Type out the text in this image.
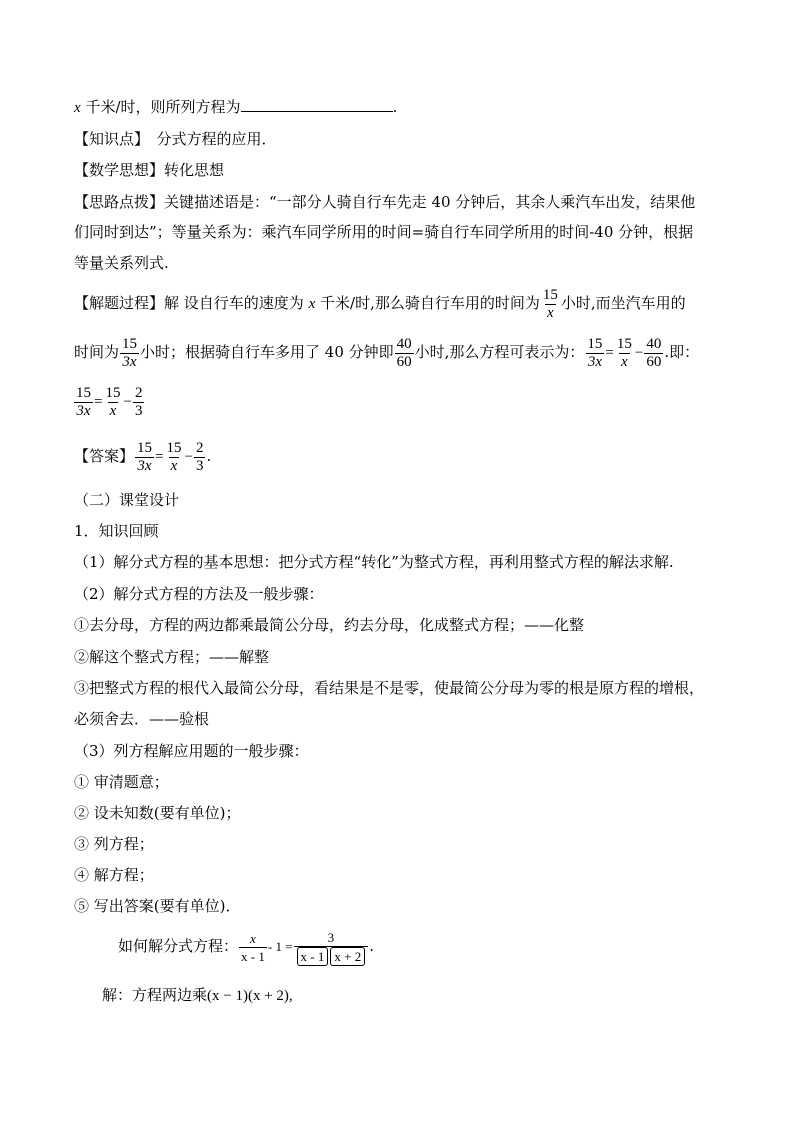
x 千米/时，则所列方程为	.
【知识点】　分式方程的应用．
【数学思想】转化思想
【思路点拨】关键描述语是：“一部分人骑自行车先走 40 分钟后，其余人乘汽车出发，结果他
们同时到达”；等量关系为：乘汽车同学所用的时间=骑自行车同学所用的时间-40 分钟，根据
等量关系列式.
【解题过程】解 设自行车的速度为 x 千米/时,那么骑自行车用的时间为 $\frac{15}{x}$ 小时,而坐汽车用的
时间为 $\frac{15}{3x}$ 小时；根据骑自行车多用了 40 分钟即 $\frac{40}{60}$ 小时,那么方程可表示为： $\frac{15}{3x} = \frac{15}{x} - \frac{40}{60}$ .即：
$\frac{15}{3x} = \frac{15}{x} - \frac{2}{3}$
【答案】 $\frac{15}{3x} = \frac{15}{x} - \frac{2}{3}$ .
（二）课堂设计
1．知识回顾
（1）解分式方程的基本思想：把分式方程“转化”为整式方程，再利用整式方程的解法求解.
（2）解分式方程的方法及一般步骤：
①去分母，方程的两边都乘最简公分母，约去分母，化成整式方程；——化整
②解这个整式方程；——解整
③把整式方程的根代入最简公分母，看结果是不是零，使最简公分母为零的根是原方程的增根，
必须舍去．——验根
（3）列方程解应用题的一般步骤：
① 审清题意；
② 设未知数(要有单位)；
③ 列方程；
④ 解方程；
⑤ 写出答案(要有单位)．
如何解分式方程： $\frac{x}{x - 1} - 1 = \frac{3}{x - 1 x + 2}$ .
解：方程两边乘(x − 1)(x + 2),
